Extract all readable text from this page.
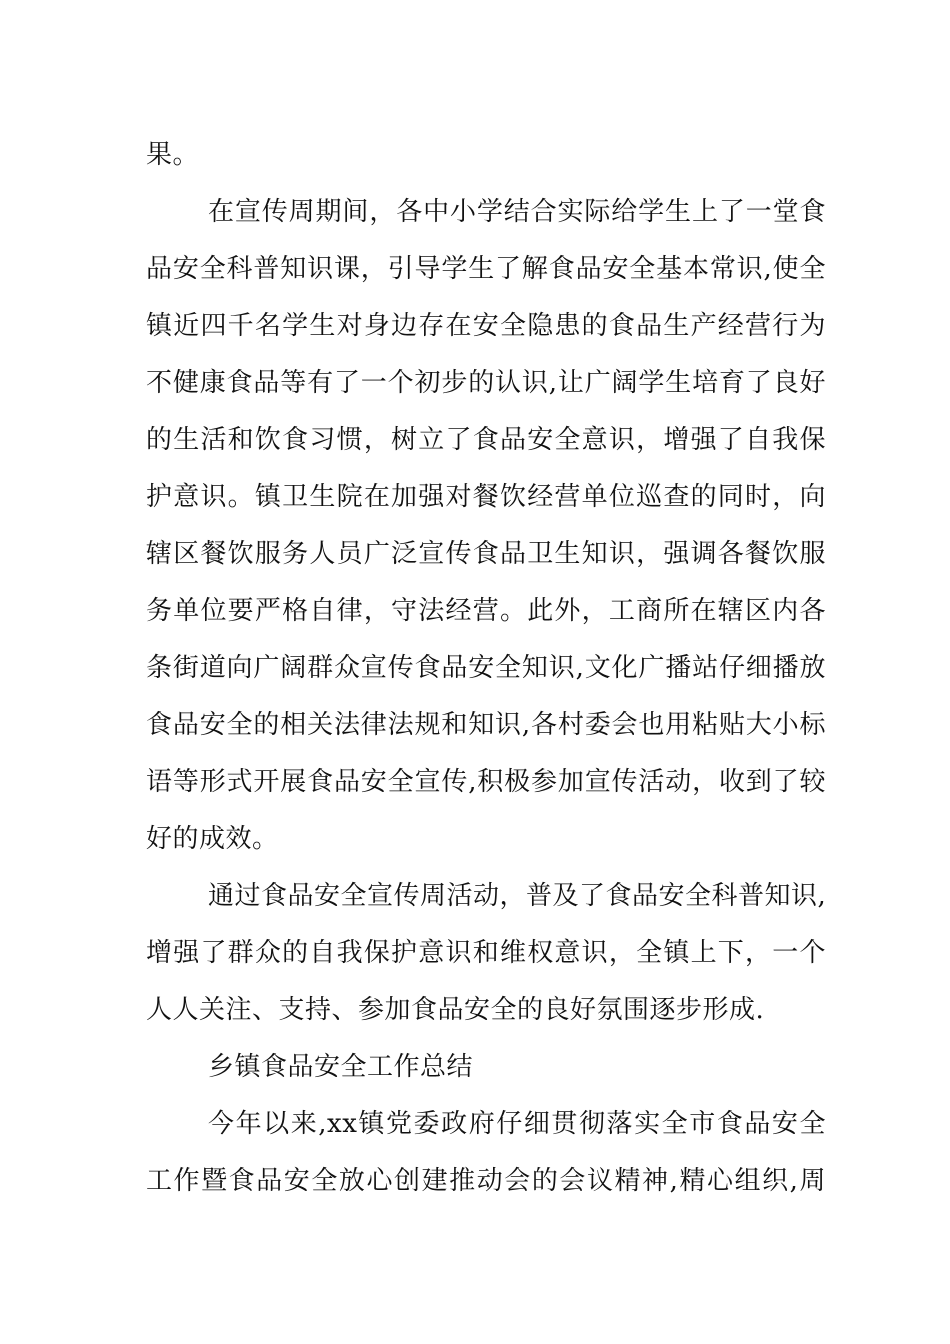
果。
在宣传周期间，各中小学结合实际给学生上了一堂食
品安全科普知识课，引导学生了解食品安全基本常识,使全
镇近四千名学生对身边存在安全隐患的食品生产经营行为
不健康食品等有了一个初步的认识,让广阔学生培育了良好
的生活和饮食习惯，树立了食品安全意识，增强了自我保
护意识。镇卫生院在加强对餐饮经营单位巡查的同时，向
辖区餐饮服务人员广泛宣传食品卫生知识，强调各餐饮服
务单位要严格自律，守法经营。此外，工商所在辖区内各
条街道向广阔群众宣传食品安全知识,文化广播站仔细播放
食品安全的相关法律法规和知识,各村委会也用粘贴大小标
语等形式开展食品安全宣传,积极参加宣传活动，收到了较
好的成效。
通过食品安全宣传周活动，普及了食品安全科普知识,
增强了群众的自我保护意识和维权意识，全镇上下，一个
人人关注、支持、参加食品安全的良好氛围逐步形成.
乡镇食品安全工作总结
今年以来,xx镇党委政府仔细贯彻落实全市食品安全
工作暨食品安全放心创建推动会的会议精神,精心组织,周
